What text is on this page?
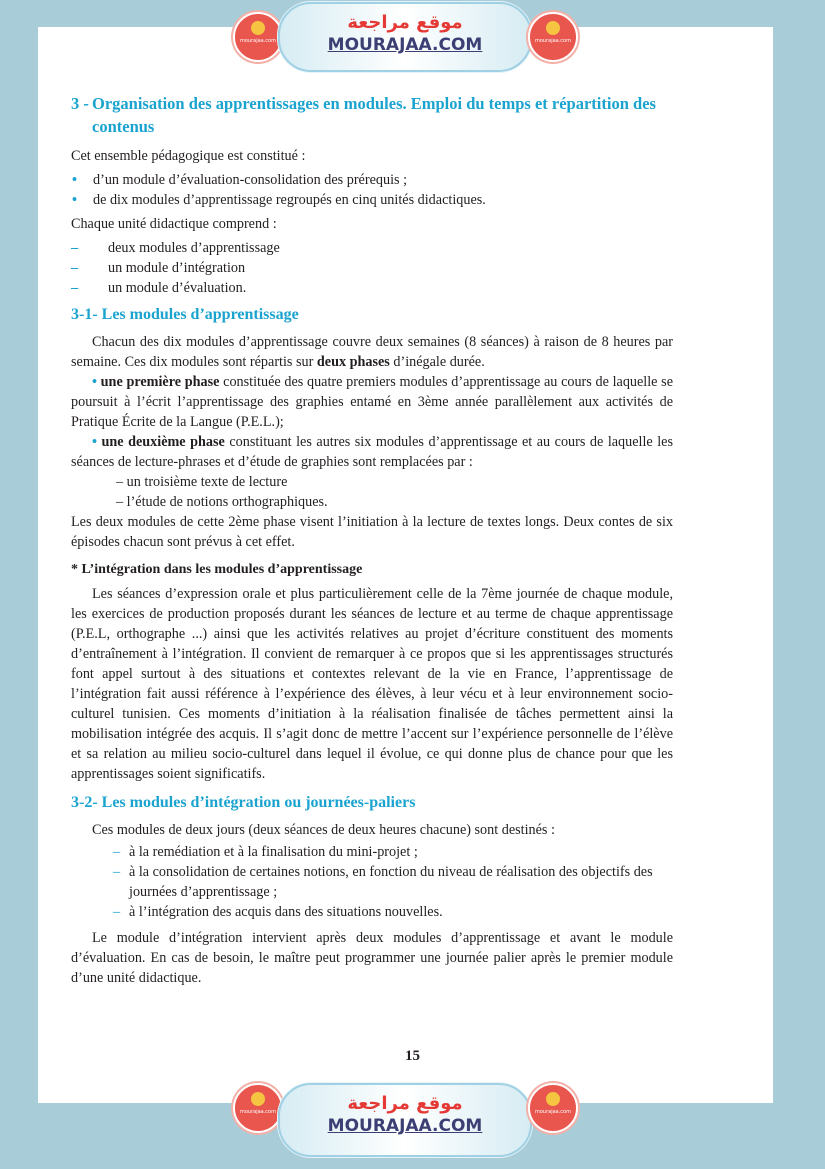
mourajaa.com
موقع مراجعة
MOURAJAA.COM	mourajaa.com
3 - Organisation des apprentissages en modules. Emploi du temps et répartition des contenus

Cet ensemble pédagogique est constitué :

• d’un module d’évaluation-consolidation des prérequis ;
• de dix modules d’apprentissage regroupés en cinq unités didactiques.

Chaque unité didactique comprend :

– deux modules d’apprentissage
– un module d’intégration
– un module d’évaluation.
3-1- Les modules d’apprentissage

Chacun des dix modules d’apprentissage couvre deux semaines (8 séances) à raison de 8 heures par semaine. Ces dix modules sont répartis sur deux phases d’inégale durée.

• une première phase constituée des quatre premiers modules d’apprentissage au cours de laquelle se poursuit à l’écrit l’apprentissage des graphies entamé en 3ème année parallèlement aux activités de Pratique Écrite de la Langue (P.E.L.);

• une deuxième phase constituant les autres six modules d’apprentissage et au cours de laquelle les séances de lecture-phrases et d’étude de graphies sont remplacées par :

– un troisième texte de lecture
– l’étude de notions orthographiques.

Les deux modules de cette 2ème phase visent l’initiation à la lecture de textes longs. Deux contes de six épisodes chacun sont prévus à cet effet.

* L’intégration dans les modules d’apprentissage

Les séances d’expression orale et plus particulièrement celle de la 7ème journée de chaque module, les exercices de production proposés durant les séances de lecture et au terme de chaque apprentissage (P.E.L, orthographe ...) ainsi que les activités relatives au projet d’écriture constituent des moments d’entraînement à l’intégration. Il convient de remarquer à ce propos que si les apprentissages structurés font appel surtout à des situations et contextes relevant de la vie en France, l’apprentissage de l’intégration fait aussi référence à l’expérience des élèves, à leur vécu et à leur environnement socio-culturel tunisien. Ces moments d’initiation à la réalisation finalisée de tâches permettent ainsi la mobilisation intégrée des acquis. Il s’agit donc de mettre l’accent sur l’expérience personnelle de l’élève et sa relation au milieu socio-culturel dans lequel il évolue, ce qui donne plus de chance pour que les apprentissages soient significatifs.

3-2- Les modules d’intégration ou journées-paliers

Ces modules de deux jours (deux séances de deux heures chacune) sont destinés :

– à la remédiation et à la finalisation du mini-projet ;
– à la consolidation de certaines notions, en fonction du niveau de réalisation des objectifs des journées d’apprentissage ;
– à l’intégration des acquis dans des situations nouvelles.

Le module d’intégration intervient après deux modules d’apprentissage et avant le module d’évaluation. En cas de besoin, le maître peut programmer une journée palier après le premier module d’une unité didactique.

15
mourajaa.com	موقع مراجعة
MOURAJAA.COM
mourajaa.com
